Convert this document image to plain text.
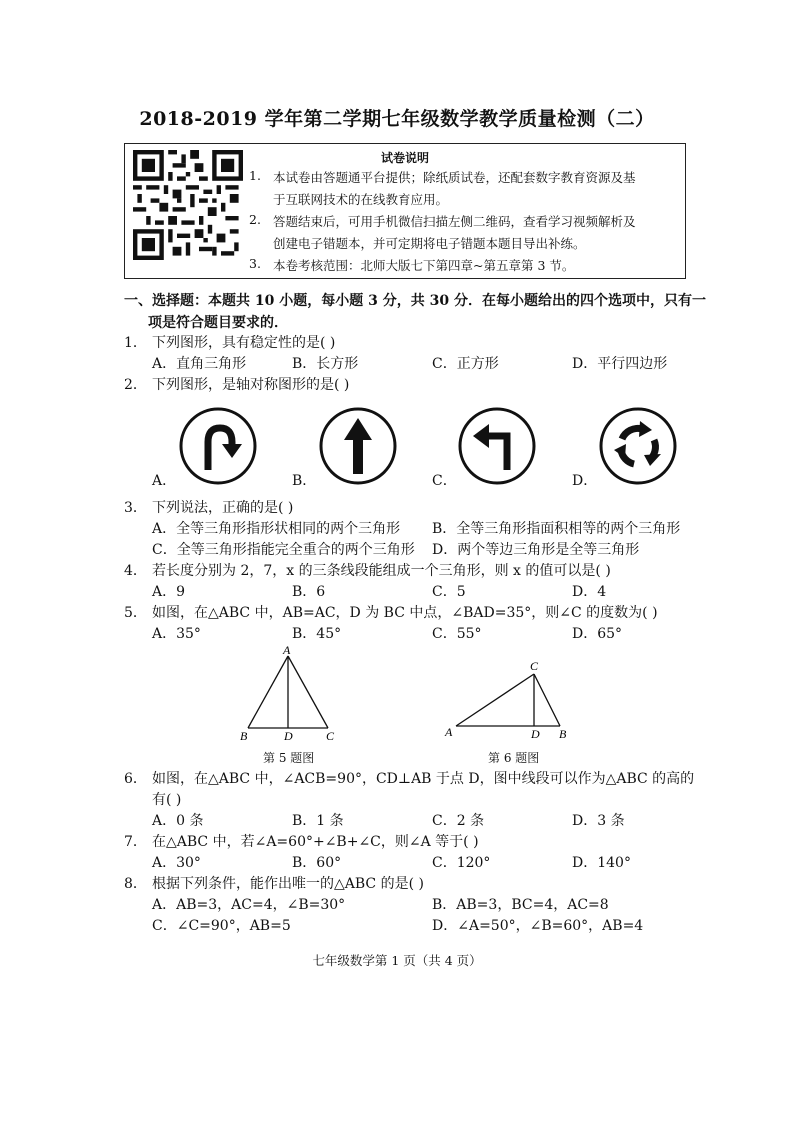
2018-2019 学年第二学期七年级数学教学质量检测（二）
试卷说明
1. 本试卷由答题通平台提供；除纸质试卷，还配套数字教育资源及基
于互联网技术的在线教育应用。
2. 答题结束后，可用手机微信扫描左侧二维码，查看学习视频解析及
创建电子错题本，并可定期将电子错题本题目导出补练。
3. 本卷考核范围：北师大版七下第四章~第五章第 3 节。
一、选择题：本题共 10 小题，每小题 3 分，共 30 分．在每小题给出的四个选项中，只有一
项是符合题目要求的．
1． 下列图形，具有稳定性的是( )
A．直角三角形	B．长方形	C．正方形	D．平行四边形
2． 下列图形，是轴对称图形的是( )
A．	B．	C．	D．
3． 下列说法，正确的是( )
A．全等三角形指形状相同的两个三角形 B．全等三角形指面积相等的两个三角形
C．全等三角形指能完全重合的两个三角形 D．两个等边三角形是全等三角形
4． 若长度分别为 2，7，x 的三条线段能组成一个三角形，则 x 的值可以是( )
A．9	B．6	C．5	D．4
5． 如图，在△ABC 中，AB=AC，D 为 BC 中点，∠BAD=35°，则∠C 的度数为( )
A．35°	B．45°	C．55°	D．65°
A
B	D	C
第 5 题图
C
A	D B
第 6 题图
6． 如图，在△ABC 中，∠ACB=90°，CD⊥AB 于点 D，图中线段可以作为△ABC 的高的
有( )
A．0 条	B．1 条	C．2 条	D．3 条
7． 在△ABC 中，若∠A=60°+∠B+∠C，则∠A 等于( )
A．30°	B．60°	C．120°	D．140°
8． 根据下列条件，能作出唯一的△ABC 的是( )
A．AB=3，AC=4，∠B=30°	B．AB=3，BC=4，AC=8
C．∠C=90°，AB=5	D．∠A=50°，∠B=60°，AB=4
七年级数学第 1 页（共 4 页）
